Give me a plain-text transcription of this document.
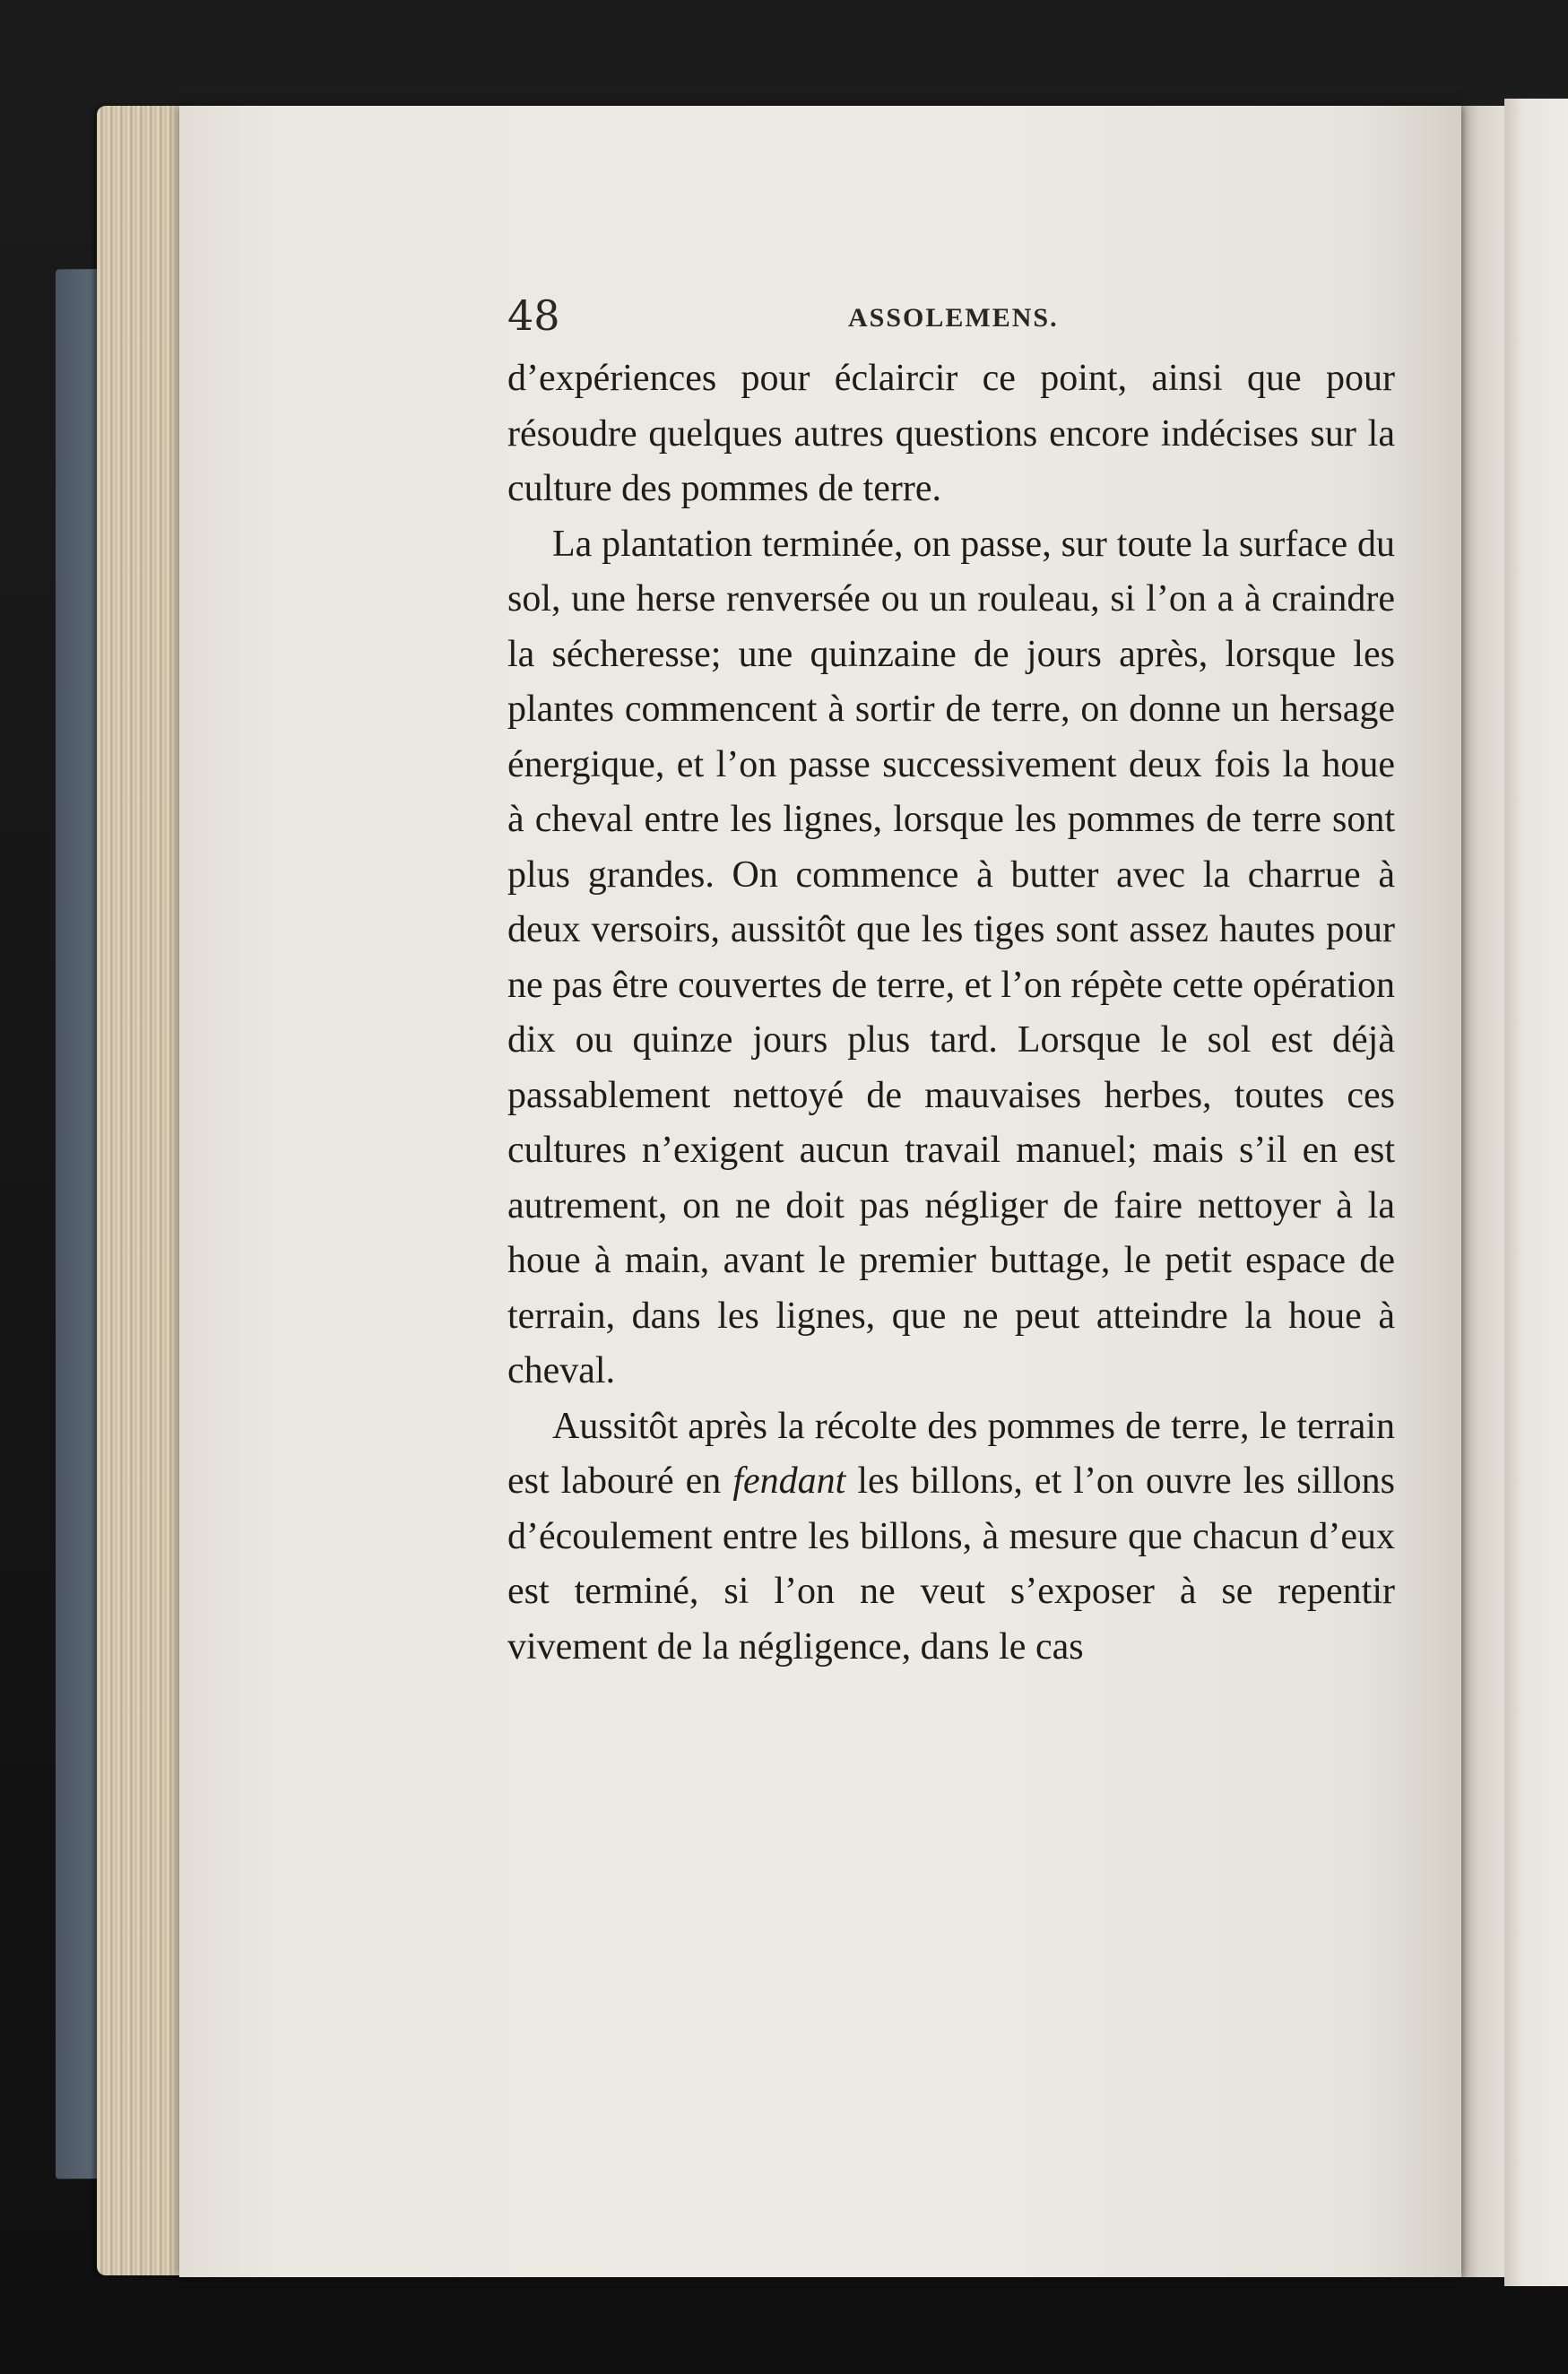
48	ASSOLEMENS.

d’expériences pour éclaircir ce point, ainsi que pour résoudre quelques autres questions encore indécises sur la culture des pommes de terre.

La plantation terminée, on passe, sur toute la surface du sol, une herse renversée ou un rouleau, si l’on a à craindre la sécheresse; une quinzaine de jours après, lorsque les plantes commencent à sortir de terre, on donne un hersage énergique, et l’on passe successivement deux fois la houe à cheval entre les lignes, lorsque les pommes de terre sont plus grandes. On commence à butter avec la charrue à deux versoirs, aussitôt que les tiges sont assez hautes pour ne pas être couvertes de terre, et l’on répète cette opération dix ou quinze jours plus tard. Lorsque le sol est déjà passablement nettoyé de mauvaises herbes, toutes ces cultures n’exigent aucun travail manuel; mais s’il en est autrement, on ne doit pas négliger de faire nettoyer à la houe à main, avant le premier buttage, le petit espace de terrain, dans les lignes, que ne peut atteindre la houe à cheval.

Aussitôt après la récolte des pommes de terre, le terrain est labouré en fendant les billons, et l’on ouvre les sillons d’écoulement entre les billons, à mesure que chacun d’eux est terminé, si l’on ne veut s’exposer à se repentir vivement de la négligence, dans le cas
